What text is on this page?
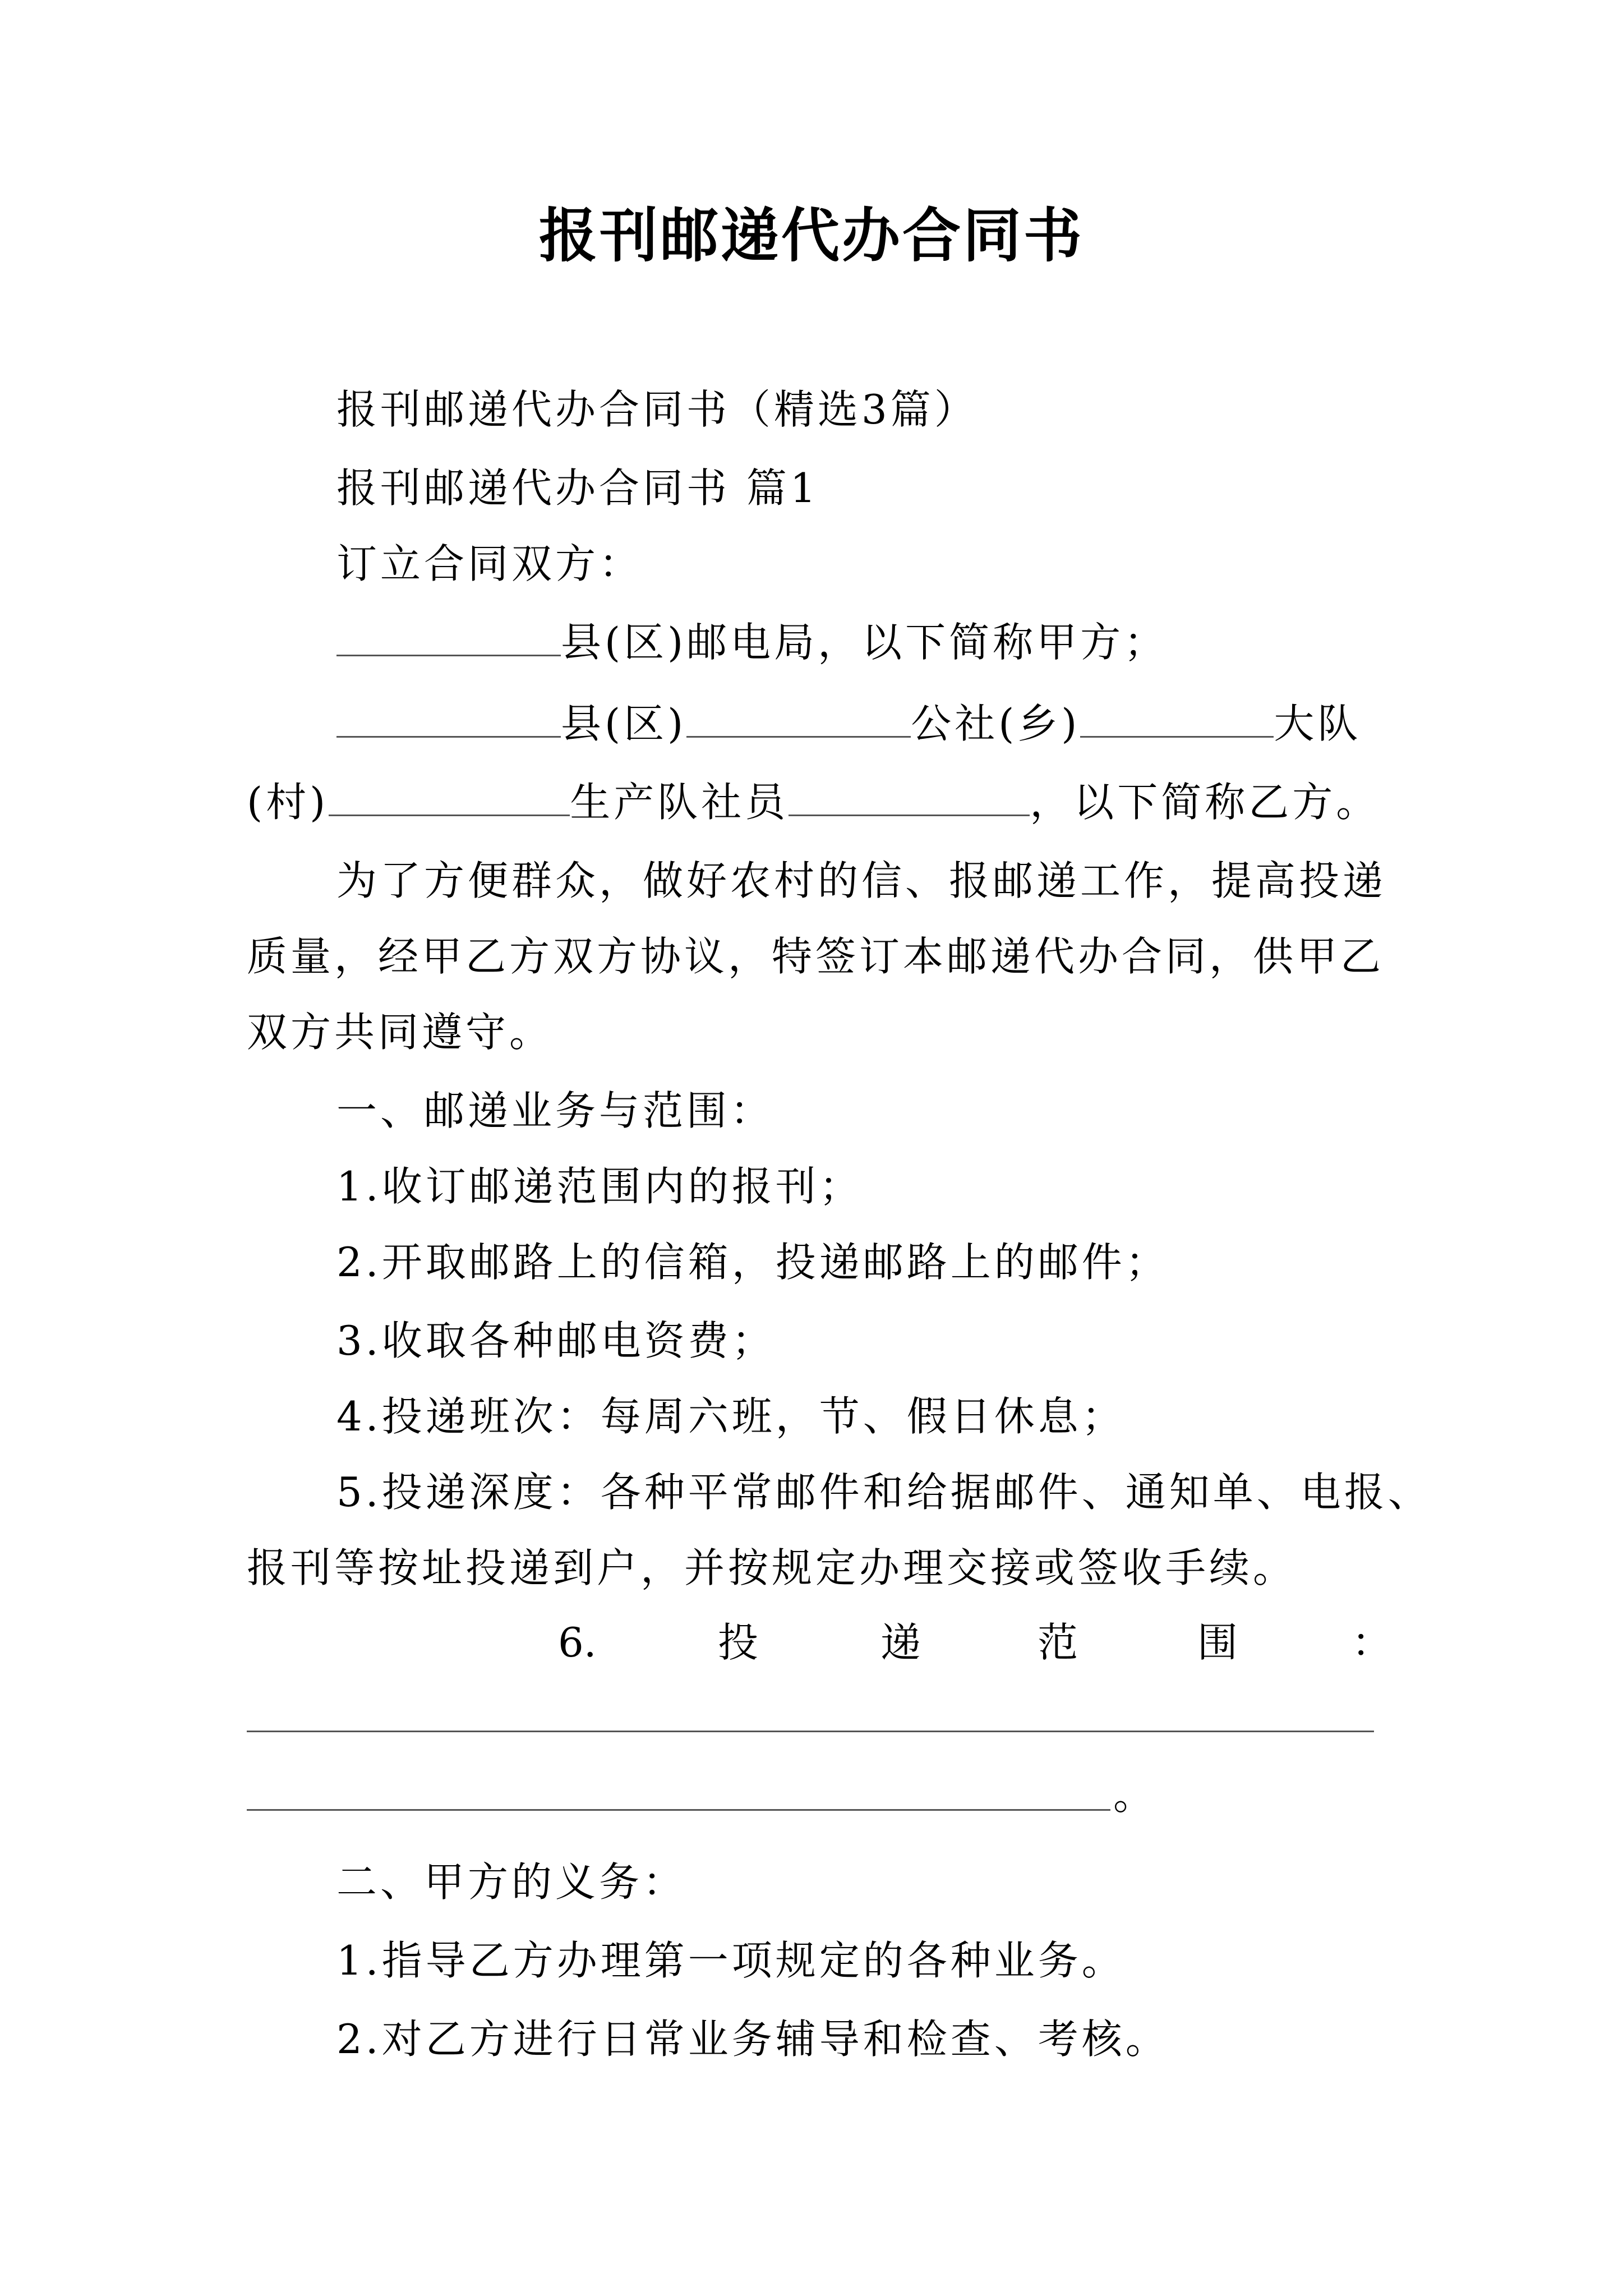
报刊邮递代办合同书
报刊邮递代办合同书（精选3篇）
报刊邮递代办合同书 篇1
订立合同双方：
县(区)邮电局，以下简称甲方；
县(区)	公社(乡)	大队
(村)	生产队社员	，以下简称乙方。
为了方便群众，做好农村的信、报邮递工作，提高投递
质量，经甲乙方双方协议，特签订本邮递代办合同，供甲乙
双方共同遵守。
一、邮递业务与范围：
1.收订邮递范围内的报刊；
2.开取邮路上的信箱，投递邮路上的邮件；
3.收取各种邮电资费；
4.投递班次：每周六班，节、假日休息；
5.投递深度：各种平常邮件和给据邮件、通知单、电报、
报刊等按址投递到户，并按规定办理交接或签收手续。
6.	投	递	范	围	：
。
二、甲方的义务：
1.指导乙方办理第一项规定的各种业务。
2.对乙方进行日常业务辅导和检查、考核。
